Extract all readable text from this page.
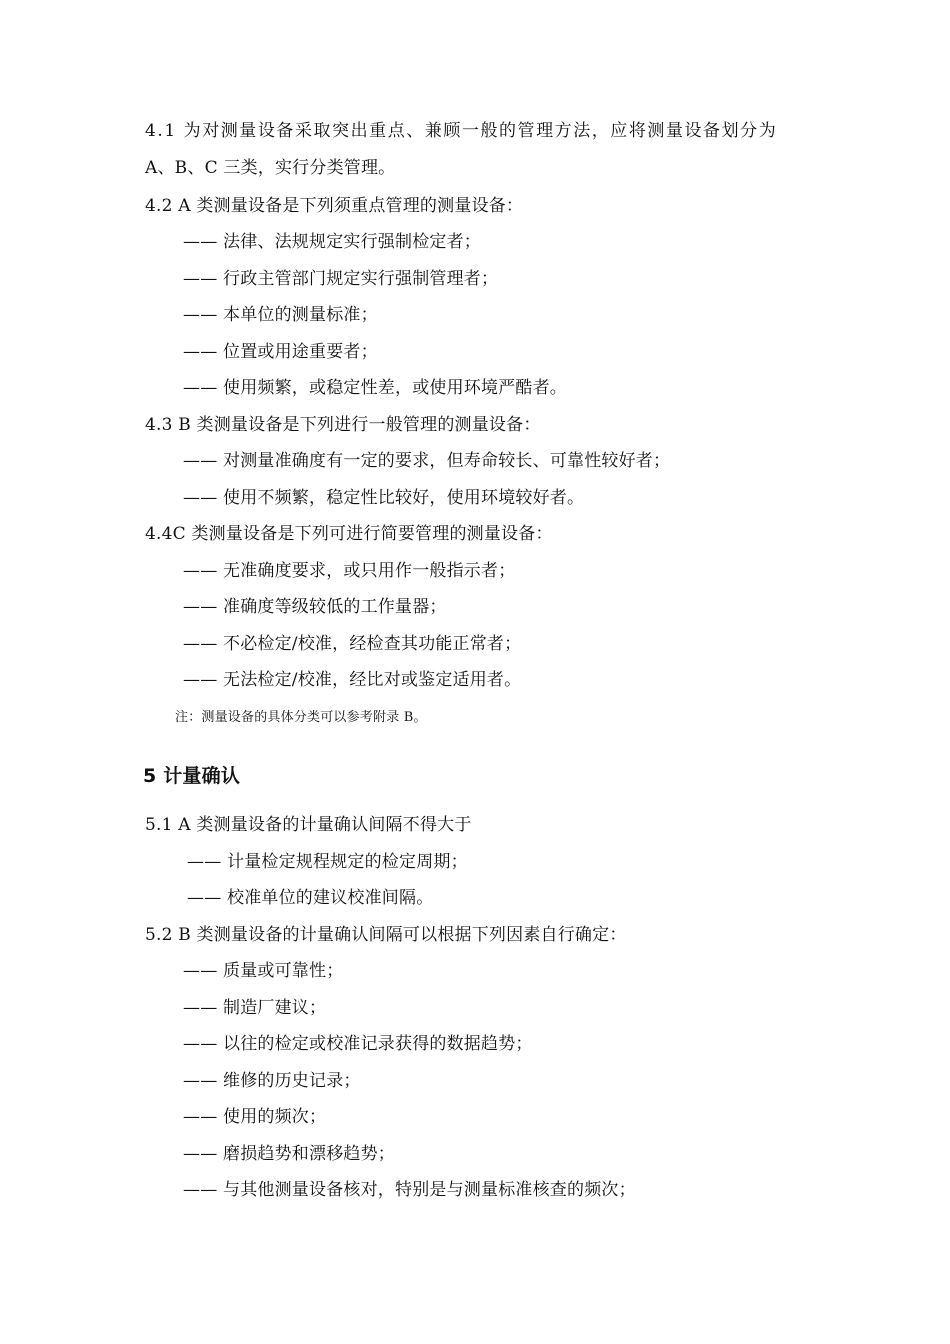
4.1 为对测量设备采取突出重点、兼顾一般的管理方法，应将测量设备划分为
A、B、C 三类，实行分类管理。
4.2 A 类测量设备是下列须重点管理的测量设备：
—— 法律、法规规定实行强制检定者；
—— 行政主管部门规定实行强制管理者；
—— 本单位的测量标准；
—— 位置或用途重要者；
—— 使用频繁，或稳定性差，或使用环境严酷者。
4.3 B 类测量设备是下列进行一般管理的测量设备：
—— 对测量准确度有一定的要求，但寿命较长、可靠性较好者；
—— 使用不频繁，稳定性比较好，使用环境较好者。
4.4C 类测量设备是下列可进行简要管理的测量设备：
—— 无准确度要求，或只用作一般指示者；
—— 准确度等级较低的工作量器；
—— 不必检定/校准，经检查其功能正常者；
—— 无法检定/校准，经比对或鉴定适用者。
注：测量设备的具体分类可以参考附录 B。
5 计量确认
5.1 A 类测量设备的计量确认间隔不得大于
—— 计量检定规程规定的检定周期；
—— 校准单位的建议校准间隔。
5.2 B 类测量设备的计量确认间隔可以根据下列因素自行确定：
—— 质量或可靠性；
—— 制造厂建议；
—— 以往的检定或校准记录获得的数据趋势；
—— 维修的历史记录；
—— 使用的频次；
—— 磨损趋势和漂移趋势；
—— 与其他测量设备核对，特别是与测量标准核查的频次；
